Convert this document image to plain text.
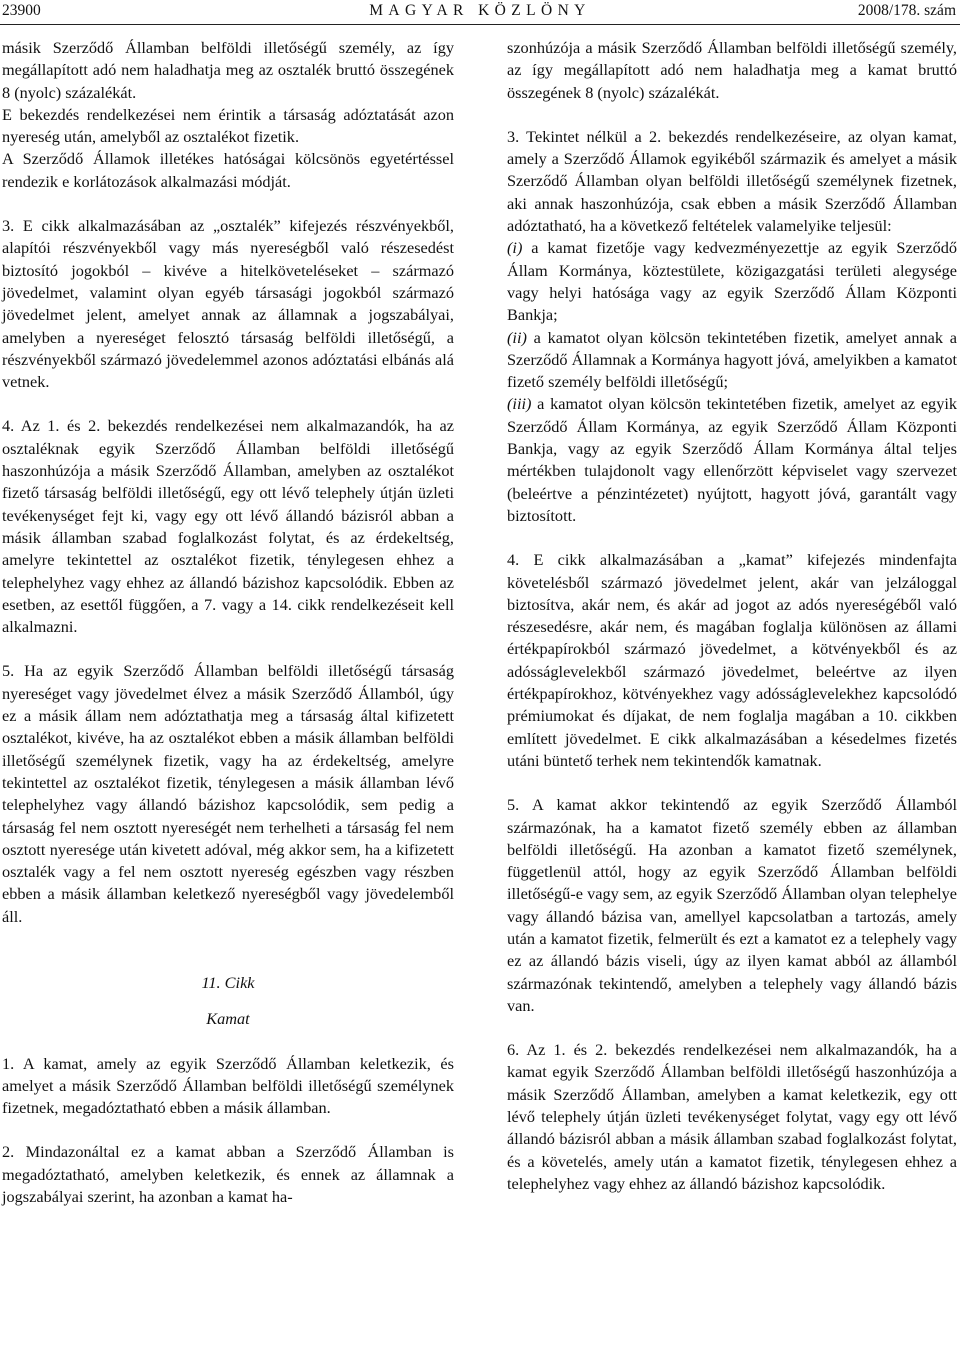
23900	MAGYAR KÖZLÖNY	2008/178. szám

másik Szerződő Államban belföldi illetőségű személy, az így megállapított adó nem haladhatja meg az osztalék bruttó összegének 8 (nyolc) százalékát.

E bekezdés rendelkezései nem érintik a társaság adóztatását azon nyereség után, amelyből az osztalékot fizetik.

A Szerződő Államok illetékes hatóságai kölcsönös egyetértéssel rendezik e korlátozások alkalmazási módját.

3. E cikk alkalmazásában az „osztalék” kifejezés részvényekből, alapítói részvényekből vagy más nyereségből való részesedést biztosító jogokból – kivéve a hitelköveteléseket – származó jövedelmet, valamint olyan egyéb társasági jogokból származó jövedelmet jelent, amelyet annak az államnak a jogszabályai, amelyben a nyereséget felosztó társaság belföldi illetőségű, a részvényekből származó jövedelemmel azonos adóztatási elbánás alá vetnek.

4. Az 1. és 2. bekezdés rendelkezései nem alkalmazandók, ha az osztaléknak egyik Szerződő Államban belföldi illetőségű haszonhúzója a másik Szerződő Államban, amelyben az osztalékot fizető társaság belföldi illetőségű, egy ott lévő telephely útján üzleti tevékenységet fejt ki, vagy egy ott lévő állandó bázisról abban a másik államban szabad foglalkozást folytat, és az érdekeltség, amelyre tekintettel az osztalékot fizetik, ténylegesen ehhez a telephelyhez vagy ehhez az állandó bázishoz kapcsolódik. Ebben az esetben, az esettől függően, a 7. vagy a 14. cikk rendelkezéseit kell alkalmazni.

5. Ha az egyik Szerződő Államban belföldi illetőségű társaság nyereséget vagy jövedelmet élvez a másik Szerződő Államból, úgy ez a másik állam nem adóztathatja meg a társaság által kifizetett osztalékot, kivéve, ha az osztalékot ebben a másik államban belföldi illetőségű személynek fizetik, vagy ha az érdekeltség, amelyre tekintettel az osztalékot fizetik, ténylegesen a másik államban lévő telephelyhez vagy állandó bázishoz kapcsolódik, sem pedig a társaság fel nem osztott nyereségét nem terhelheti a társaság fel nem osztott nyeresége után kivetett adóval, még akkor sem, ha a kifizetett osztalék vagy a fel nem osztott nyereség egészben vagy részben ebben a másik államban keletkező nyereségből vagy jövedelemből áll.

11. Cikk

Kamat

1. A kamat, amely az egyik Szerződő Államban keletkezik, és amelyet a másik Szerződő Államban belföldi illetőségű személynek fizetnek, megadóztatható ebben a másik államban.

2. Mindazonáltal ez a kamat abban a Szerződő Államban is megadóztatható, amelyben keletkezik, és ennek az államnak a jogszabályai szerint, ha azonban a kamat ha-

szonhúzója a másik Szerződő Államban belföldi illetőségű személy, az így megállapított adó nem haladhatja meg a kamat bruttó összegének 8 (nyolc) százalékát.

3. Tekintet nélkül a 2. bekezdés rendelkezéseire, az olyan kamat, amely a Szerződő Államok egyikéből származik és amelyet a másik Szerződő Államban olyan belföldi illetőségű személynek fizetnek, aki annak haszonhúzója, csak ebben a másik Szerződő Államban adóztatható, ha a következő feltételek valamelyike teljesül:

(i) a kamat fizetője vagy kedvezményezettje az egyik Szerződő Állam Kormánya, köztestülete, közigazgatási területi alegysége vagy helyi hatósága vagy az egyik Szerződő Állam Központi Bankja;

(ii) a kamatot olyan kölcsön tekintetében fizetik, amelyet annak a Szerződő Államnak a Kormánya hagyott jóvá, amelyikben a kamatot fizető személy belföldi illetőségű;

(iii) a kamatot olyan kölcsön tekintetében fizetik, amelyet az egyik Szerződő Állam Kormánya, az egyik Szerződő Állam Központi Bankja, vagy az egyik Szerződő Állam Kormánya által teljes mértékben tulajdonolt vagy ellenőrzött képviselet vagy szervezet (beleértve a pénzintézetet) nyújtott, hagyott jóvá, garantált vagy biztosított.

4. E cikk alkalmazásában a „kamat” kifejezés mindenfajta követelésből származó jövedelmet jelent, akár van jelzáloggal biztosítva, akár nem, és akár ad jogot az adós nyereségéből való részesedésre, akár nem, és magában foglalja különösen az állami értékpapírokból származó jövedelmet, a kötvényekből és az adósságlevelekből származó jövedelmet, beleértve az ilyen értékpapírokhoz, kötvényekhez vagy adósságlevelekhez kapcsolódó prémiumokat és díjakat, de nem foglalja magában a 10. cikkben említett jövedelmet. E cikk alkalmazásában a késedelmes fizetés utáni büntető terhek nem tekintendők kamatnak.

5. A kamat akkor tekintendő az egyik Szerződő Államból származónak, ha a kamatot fizető személy ebben az államban belföldi illetőségű. Ha azonban a kamatot fizető személynek, függetlenül attól, hogy az egyik Szerződő Államban belföldi illetőségű-e vagy sem, az egyik Szerződő Államban olyan telephelye vagy állandó bázisa van, amellyel kapcsolatban a tartozás, amely után a kamatot fizetik, felmerült és ezt a kamatot ez a telephely vagy ez az állandó bázis viseli, úgy az ilyen kamat abból az államból származónak tekintendő, amelyben a telephely vagy állandó bázis van.

6. Az 1. és 2. bekezdés rendelkezései nem alkalmazandók, ha a kamat egyik Szerződő Államban belföldi illetőségű haszonhúzója a másik Szerződő Államban, amelyben a kamat keletkezik, egy ott lévő telephely útján üzleti tevékenységet folytat, vagy egy ott lévő állandó bázisról abban a másik államban szabad foglalkozást folytat, és a követelés, amely után a kamatot fizetik, ténylegesen ehhez a telephelyhez vagy ehhez az állandó bázishoz kapcsolódik.
